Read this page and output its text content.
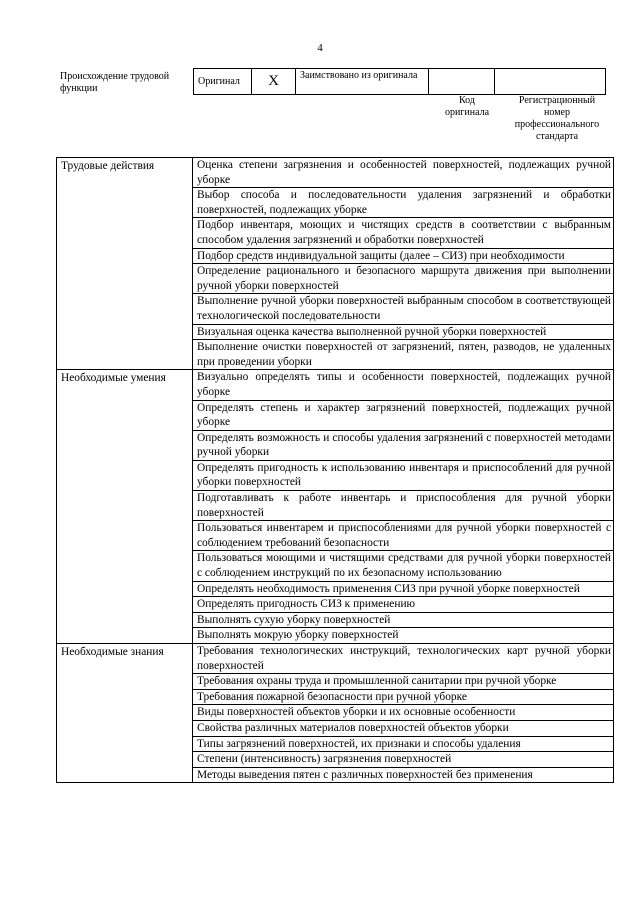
4
Происхождение трудовой функции
Оригинал	X	Заимствовано из оригинала		
Код оригинала
Регистрационный номер профессионального стандарта
Трудовые действия	Оценка степени загрязнения и особенностей поверхностей, подлежащих ручной уборке
	Выбор способа и последовательности удаления загрязнений и обработки поверхностей, подлежащих уборке
	Подбор инвентаря, моющих и чистящих средств в соответствии с выбранным способом удаления загрязнений и обработки поверхностей
	Подбор средств индивидуальной защиты (далее – СИЗ) при необходимости
	Определение рационального и безопасного маршрута движения при выполнении ручной уборки поверхностей
	Выполнение ручной уборки поверхностей выбранным способом в соответствующей технологической последовательности
	Визуальная оценка качества выполненной ручной уборки поверхностей
	Выполнение очистки поверхностей от загрязнений, пятен, разводов, не удаленных при проведении уборки
Необходимые умения	Визуально определять типы и особенности поверхностей, подлежащих ручной уборке
	Определять степень и характер загрязнений поверхностей, подлежащих ручной уборке
	Определять возможность и способы удаления загрязнений с поверхностей методами ручной уборки
	Определять пригодность к использованию инвентаря и приспособлений для ручной уборки поверхностей
	Подготавливать к работе инвентарь и приспособления для ручной уборки поверхностей
	Пользоваться инвентарем и приспособлениями для ручной уборки поверхностей с соблюдением требований безопасности
	Пользоваться моющими и чистящими средствами для ручной уборки поверхностей с соблюдением инструкций по их безопасному использованию
	Определять необходимость применения СИЗ при ручной уборке поверхностей
	Определять пригодность СИЗ к применению
	Выполнять сухую уборку поверхностей
	Выполнять мокрую уборку поверхностей
Необходимые знания	Требования технологических инструкций, технологических карт ручной уборки поверхностей
	Требования охраны труда и промышленной санитарии при ручной уборке
	Требования пожарной безопасности при ручной уборке
	Виды поверхностей объектов уборки и их основные особенности
	Свойства различных материалов поверхностей объектов уборки
	Типы загрязнений поверхностей, их признаки и способы удаления
	Степени (интенсивность) загрязнения поверхностей
	Методы выведения пятен с различных поверхностей без применения
